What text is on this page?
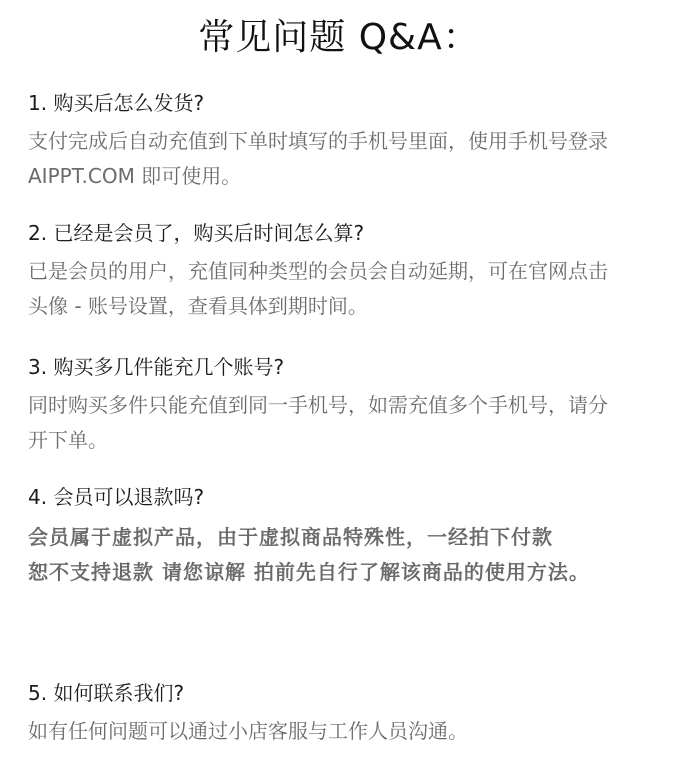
常见问题 Q&A：
1. 购买后怎么发货?
支付完成后自动充值到下单时填写的手机号里面，使用手机号登录
AIPPT.COM 即可使用。
2. 已经是会员了，购买后时间怎么算?
已是会员的用户，充值同种类型的会员会自动延期，可在官网点击
头像 - 账号设置，查看具体到期时间。
3. 购买多几件能充几个账号?
同时购买多件只能充值到同一手机号，如需充值多个手机号，请分
开下单。
4. 会员可以退款吗?
会员属于虚拟产品，由于虚拟商品特殊性，一经拍下付款
恕不支持退款 请您谅解 拍前先自行了解该商品的使用方法。
5. 如何联系我们?
如有任何问题可以通过小店客服与工作人员沟通。
